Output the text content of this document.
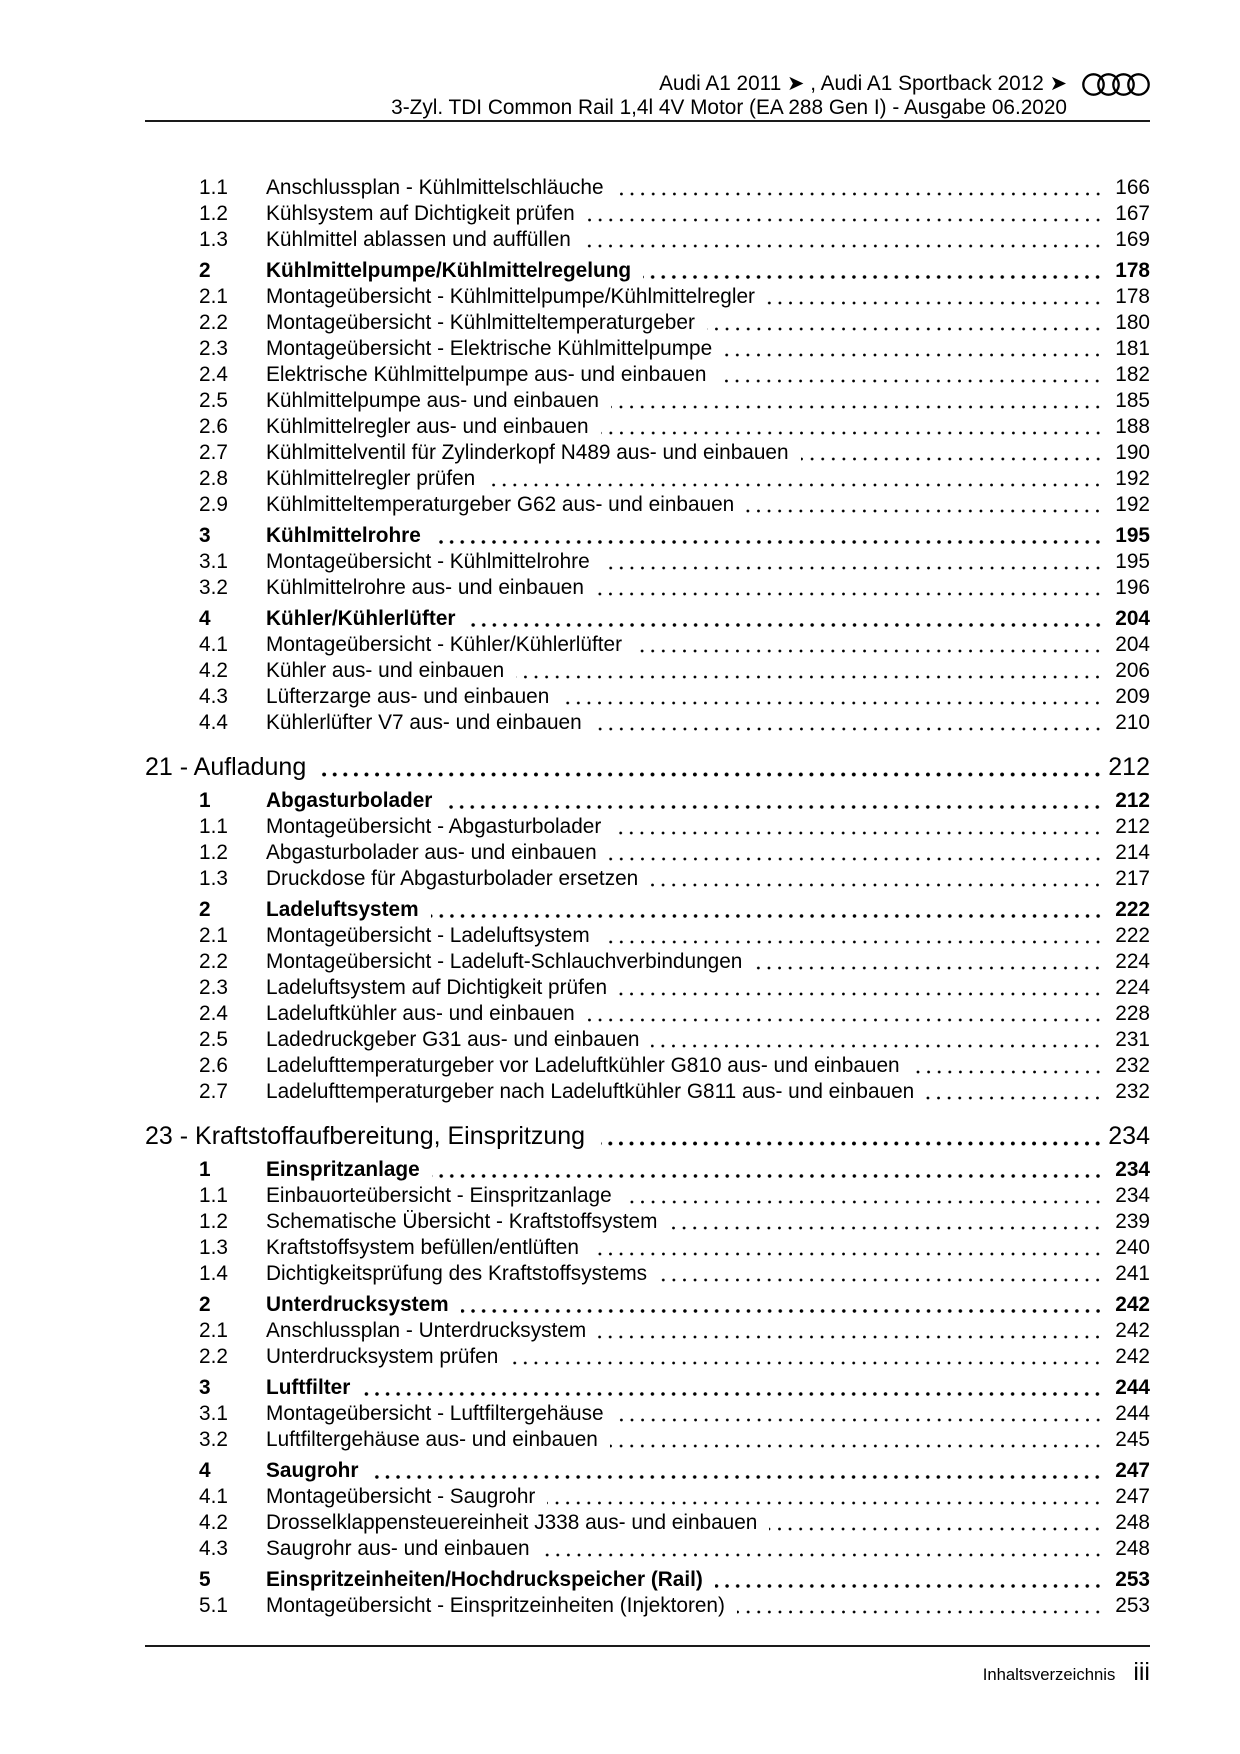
Audi A1 2011 ➤ , Audi A1 Sportback 2012 ➤
3-Zyl. TDI Common Rail 1,4l 4V Motor (EA 288 Gen I) - Ausgabe 06.2020
1.1	Anschlussplan - Kühlmittelschläuche	166
1.2	Kühlsystem auf Dichtigkeit prüfen	167
1.3	Kühlmittel ablassen und auffüllen	169
2	Kühlmittelpumpe/Kühlmittelregelung	178
2.1	Montageübersicht - Kühlmittelpumpe/Kühlmittelregler	178
2.2	Montageübersicht - Kühlmitteltemperaturgeber	180
2.3	Montageübersicht - Elektrische Kühlmittelpumpe	181
2.4	Elektrische Kühlmittelpumpe aus- und einbauen	182
2.5	Kühlmittelpumpe aus- und einbauen	185
2.6	Kühlmittelregler aus- und einbauen	188
2.7	Kühlmittelventil für Zylinderkopf N489 aus- und einbauen	190
2.8	Kühlmittelregler prüfen	192
2.9	Kühlmitteltemperaturgeber G62 aus- und einbauen	192
3	Kühlmittelrohre	195
3.1	Montageübersicht - Kühlmittelrohre	195
3.2	Kühlmittelrohre aus- und einbauen	196
4	Kühler/Kühlerlüfter	204
4.1	Montageübersicht - Kühler/Kühlerlüfter	204
4.2	Kühler aus- und einbauen	206
4.3	Lüfterzarge aus- und einbauen	209
4.4	Kühlerlüfter V7 aus- und einbauen	210
21 - Aufladung	212
1	Abgasturbolader	212
1.1	Montageübersicht - Abgasturbolader	212
1.2	Abgasturbolader aus- und einbauen	214
1.3	Druckdose für Abgasturbolader ersetzen	217
2	Ladeluftsystem	222
2.1	Montageübersicht - Ladeluftsystem	222
2.2	Montageübersicht - Ladeluft-Schlauchverbindungen	224
2.3	Ladeluftsystem auf Dichtigkeit prüfen	224
2.4	Ladeluftkühler aus- und einbauen	228
2.5	Ladedruckgeber G31 aus- und einbauen	231
2.6	Ladelufttemperaturgeber vor Ladeluftkühler G810 aus- und einbauen	232
2.7	Ladelufttemperaturgeber nach Ladeluftkühler G811 aus- und einbauen	232
23 - Kraftstoffaufbereitung, Einspritzung	234
1	Einspritzanlage	234
1.1	Einbauorteübersicht - Einspritzanlage	234
1.2	Schematische Übersicht - Kraftstoffsystem	239
1.3	Kraftstoffsystem befüllen/entlüften	240
1.4	Dichtigkeitsprüfung des Kraftstoffsystems	241
2	Unterdrucksystem	242
2.1	Anschlussplan - Unterdrucksystem	242
2.2	Unterdrucksystem prüfen	242
3	Luftfilter	244
3.1	Montageübersicht - Luftfiltergehäuse	244
3.2	Luftfiltergehäuse aus- und einbauen	245
4	Saugrohr	247
4.1	Montageübersicht - Saugrohr	247
4.2	Drosselklappensteuereinheit J338 aus- und einbauen	248
4.3	Saugrohr aus- und einbauen	248
5	Einspritzeinheiten/Hochdruckspeicher (Rail)	253
5.1	Montageübersicht - Einspritzeinheiten (Injektoren)	253
Inhaltsverzeichnis iii
